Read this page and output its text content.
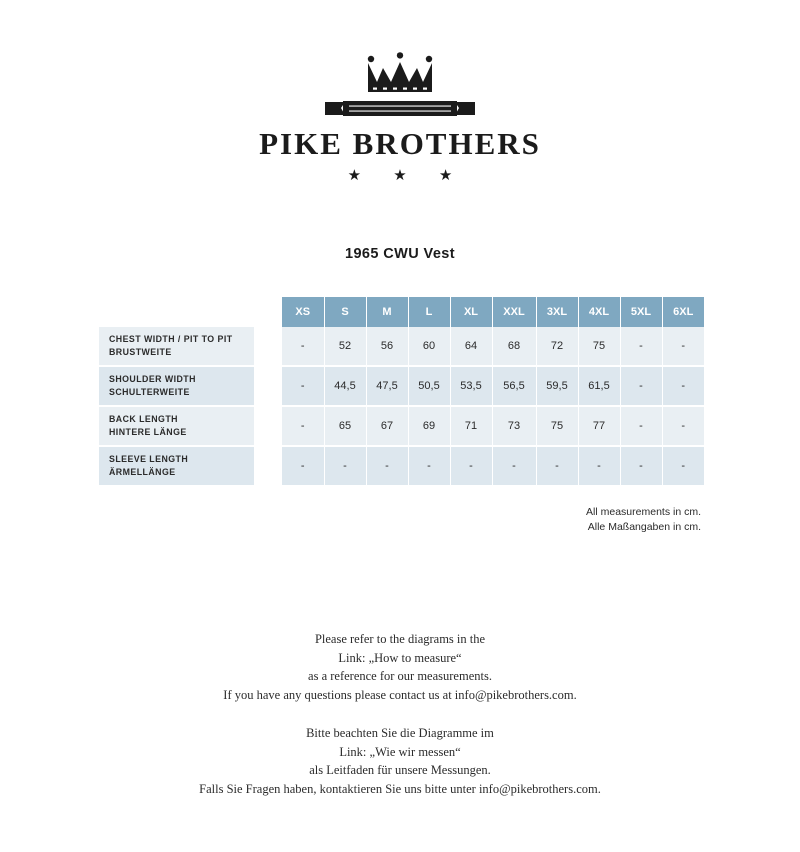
PIKE BROTHERS
★ ★ ★
1965 CWU Vest
		XS	S	M	L	XL	XXL	3XL	4XL	5XL	6XL

CHEST WIDTH / PIT TO PIT
BRUSTWEITE		-	52	56	60	64	68	72	75	-	-

SHOULDER WIDTH
SCHULTERWEITE		-	44,5	47,5	50,5	53,5	56,5	59,5	61,5	-	-

BACK LENGTH
HINTERE LÄNGE		-	65	67	69	71	73	75	77	-	-

SLEEVE LENGTH
ÄRMELLÄNGE		-	-	-	-	-	-	-	-	-	-
All measurements in cm.
Alle Maßangaben in cm.
Please refer to the diagrams in the
Link: „How to measure“
as a reference for our measurements.
If you have any questions please contact us at info@pikebrothers.com.
Bitte beachten Sie die Diagramme im
Link: „Wie wir messen“
als Leitfaden für unsere Messungen.
Falls Sie Fragen haben, kontaktieren Sie uns bitte unter info@pikebrothers.com.
